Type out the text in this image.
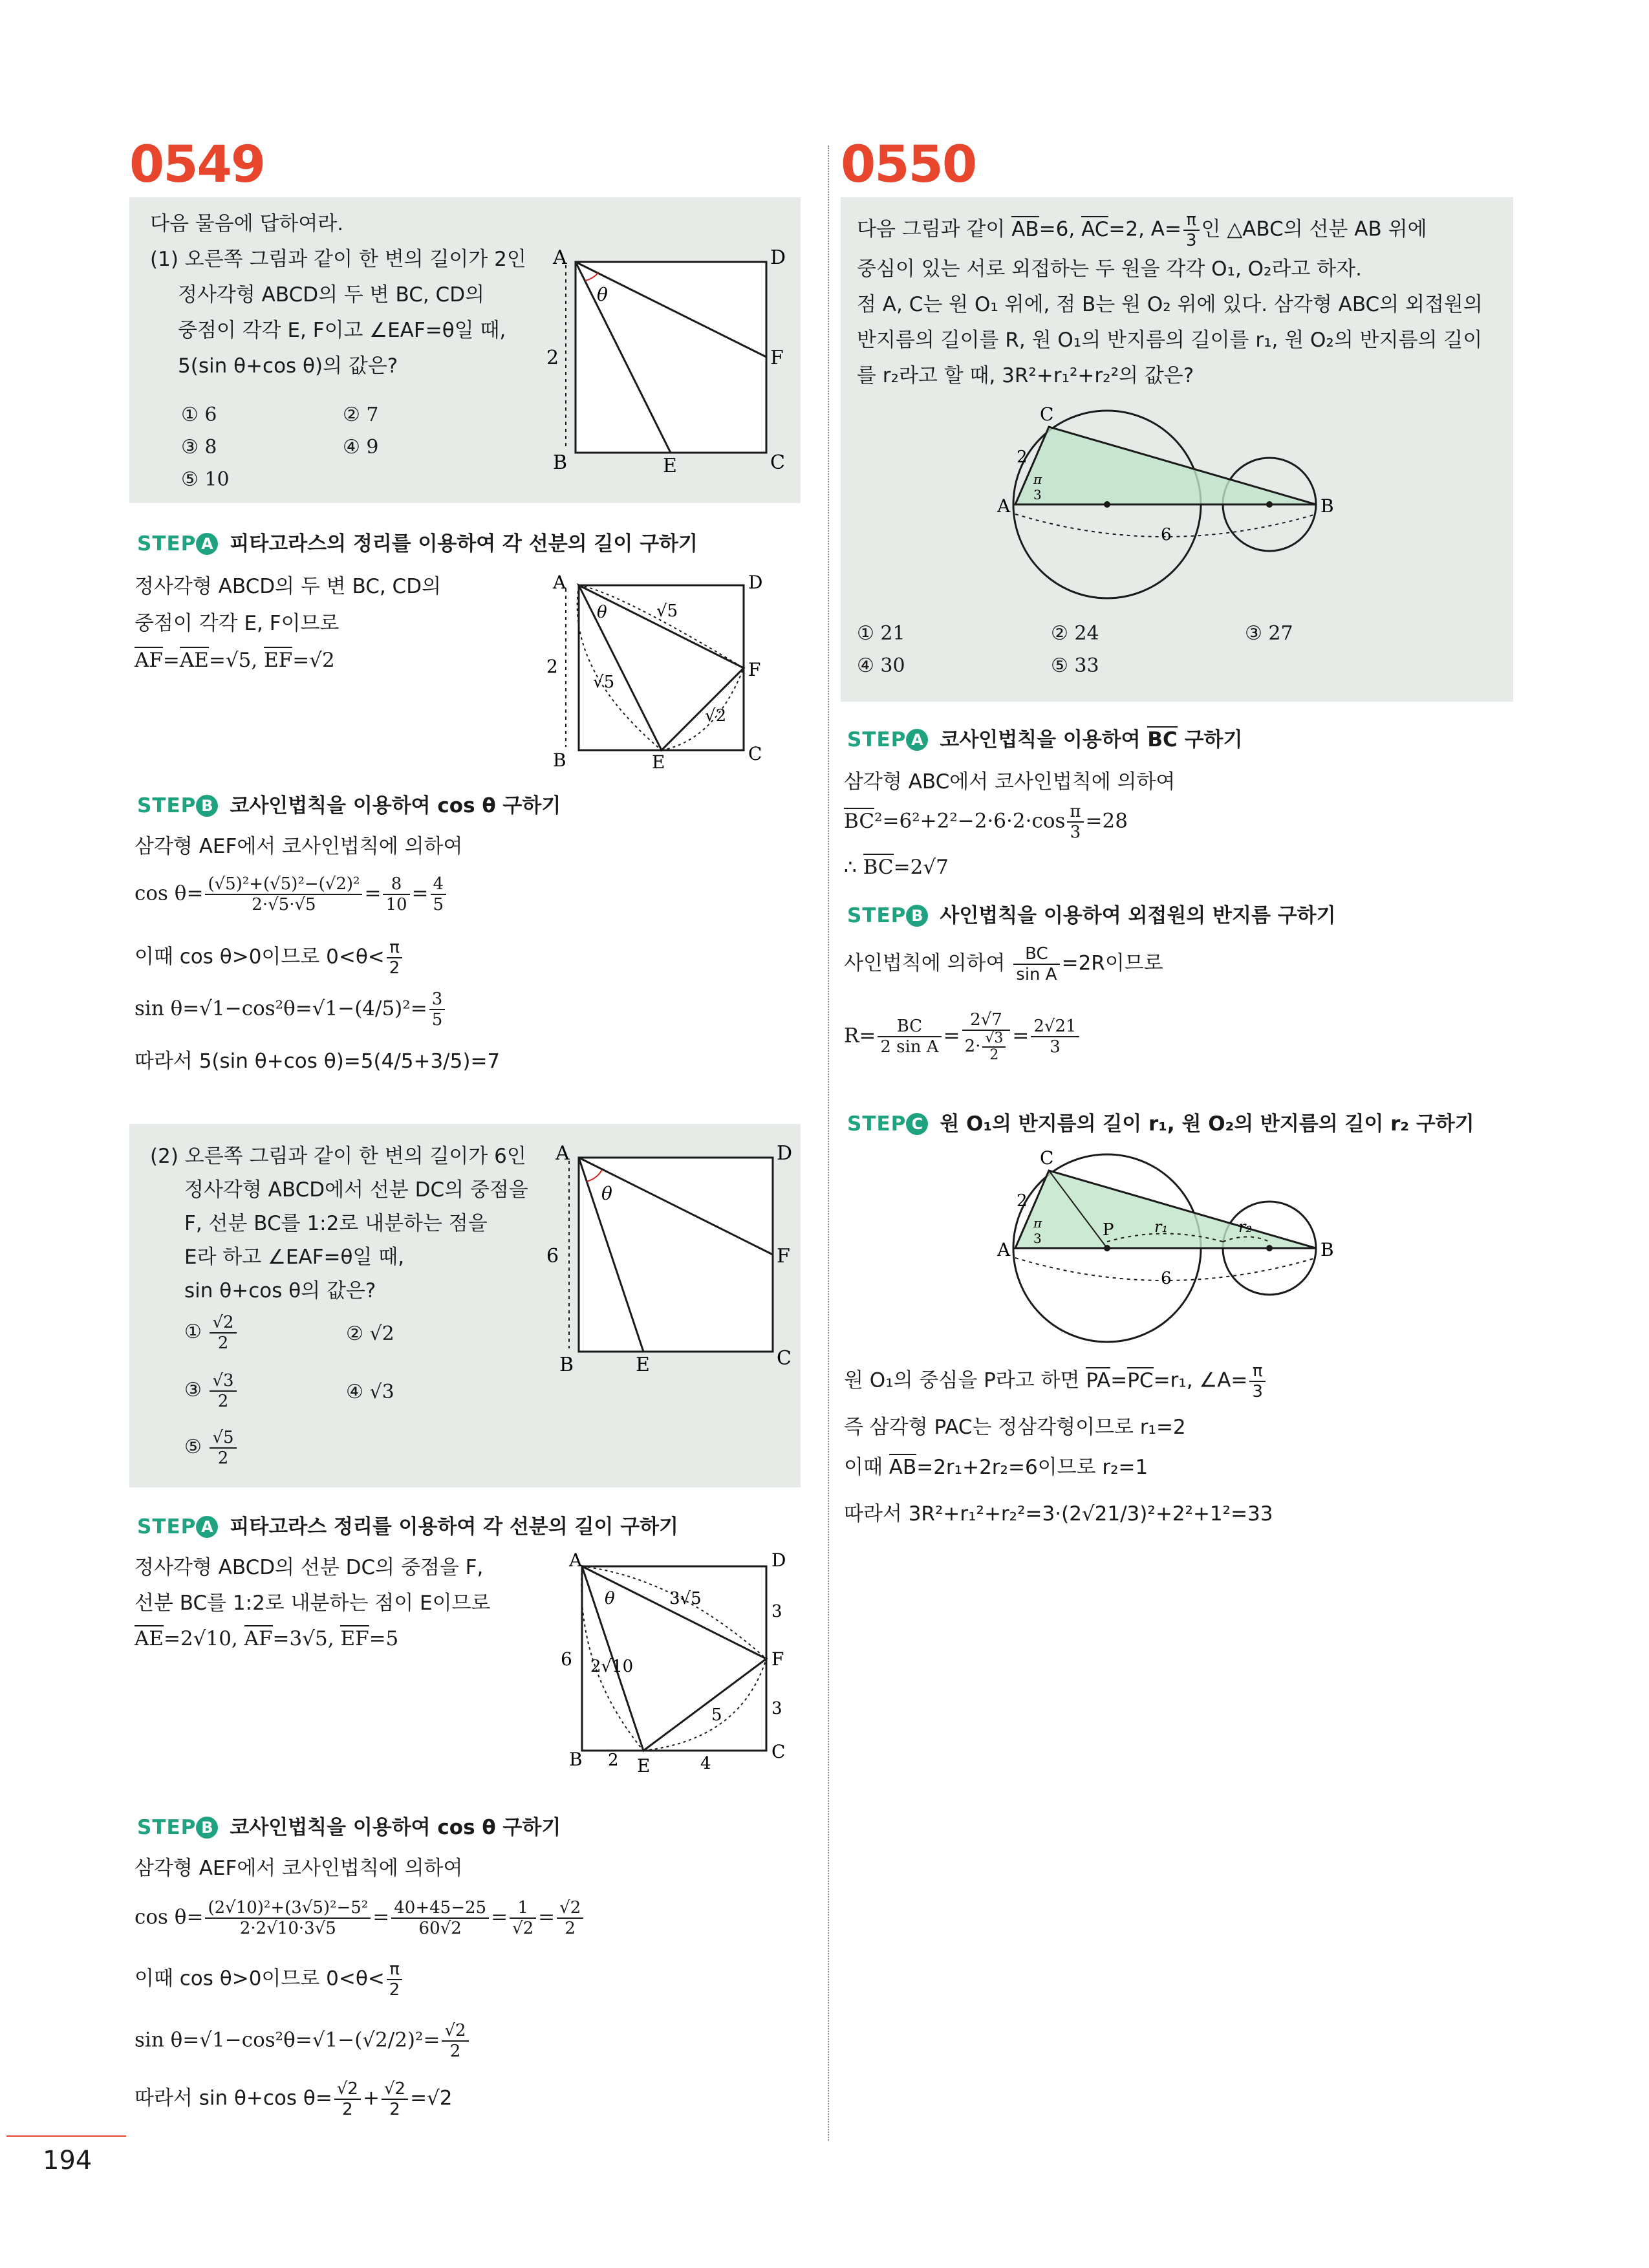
0549
다음 물음에 답하여라.
(1) 오른쪽 그림과 같이 한 변의 길이가 2인
정사각형 ABCD의 두 변 BC, CD의
중점이 각각 E, F이고 ∠EAF=θ일 때,
5(sin θ+cos θ)의 값은?
① 6	② 7
③ 8	④ 9
⑤ 10
A	D
B	C
E
F
θ
2
STEP A 피타고라스의 정리를 이용하여 각 선분의 길이 구하기
정사각형 ABCD의 두 변 BC, CD의
중점이 각각 E, F이므로
AF=AE=√5, EF=√2
A	D
B	C
E
F
θ	√5
√5
√2
2
STEP B 코사인법칙을 이용하여 cos θ 구하기
삼각형 AEF에서 코사인법칙에 의하여
$\cos \theta= \frac{\text{(√5)²+(√5)²−(√2)²}}{2\cdot√5\cdot√5} = \frac{8}{10} = \frac{4}{5}$
이때 cos θ>0이므로 $0<\theta< \frac{\pi}{2}$
$\sin \theta=√1-\cos^2\theta=√1-(4/5)^2= \frac{3}{5}$
따라서 5(sin θ+cos θ)=5(4/5+3/5)=7
(2) 오른쪽 그림과 같이 한 변의 길이가 6인
정사각형 ABCD에서 선분 DC의 중점을
F, 선분 BC를 1:2로 내분하는 점을
E라 하고 ∠EAF=θ일 때,
sin θ+cos θ의 값은?
① $\frac{√2}{2}$	② √2
③ $\frac{√3}{2}$	④ √3
⑤ $\frac{√5}{2}$
A	D
B	C
E
F
θ
6
STEP A 피타고라스 정리를 이용하여 각 선분의 길이 구하기
정사각형 ABCD의 선분 DC의 중점을 F,
선분 BC를 1:2로 내분하는 점이 E이므로
AE=2√10, AF=3√5, EF=5
A	D
B	C
E
F
θ	3√5
2√10
5
3
3
2	4
6
STEP B 코사인법칙을 이용하여 cos θ 구하기
삼각형 AEF에서 코사인법칙에 의하여
$\cos \theta= \frac{\text{(2√10)²+(3√5)²−5²}}{2\cdot 2√10\cdot 3√5} = \frac{40+45-25}{60√2} = \frac{1}{√2} = \frac{√2}{2}$
이때 cos θ>0이므로 $0<\theta< \frac{\pi}{2}$
$\sin \theta=√1-\cos^2\theta=√1-(√2/2)^2= \frac{√2}{2}$
따라서 sin θ+cos $\theta= \frac{√2}{2} + \frac{√2}{2} =√2$
0550
다음 그림과 같이 AB=6, AC=2, $A= \frac{\pi}{3}$ 인 △ABC의 선분 AB 위에
중심이 있는 서로 외접하는 두 원을 각각 O₁, O₂라고 하자.
점 A, C는 원 O₁ 위에, 점 B는 원 O₂ 위에 있다. 삼각형 ABC의 외접원의
반지름의 길이를 R, 원 O₁의 반지름의 길이를 r₁, 원 O₂의 반지름의 길이
를 r₂라고 할 때, 3R²+r₁²+r₂²의 값은?
A	B
C
2
6
π
3
① 21	② 24	③ 27
④ 30	⑤ 33
STEP A 코사인법칙을 이용하여 BC 구하기
삼각형 ABC에서 코사인법칙에 의하여
$BC^2=6^2+2^2-2\cdot 6\cdot 2\cdot\cos \frac{\pi}{3} =28$
∴ BC=2√7
STEP B 사인법칙을 이용하여 외접원의 반지름 구하기
사인법칙에 의하여 $\frac{BC}{\text{sin A}} =2R$이므로
$R= \frac{BC}{\text{2 sin A}} = \frac{2√7}{2\cdot \frac{√3}{2}} = \frac{2√21}{3}$
STEP C 원 O₁의 반지름의 길이 r₁, 원 O₂의 반지름의 길이 r₂ 구하기
A	B
C
2
6
π
3	P	r₁	r₂
원 O₁의 중심을 P라고 하면 PA=PC=r₁, ∠A= $\frac{\pi}{3}$
즉 삼각형 PAC는 정삼각형이므로 r₁=2
이때 AB=2r₁+2r₂=6이므로 r₂=1
따라서 3R²+r₁²+r₂²=3·(2√21/3)²+2²+1²=33
194
